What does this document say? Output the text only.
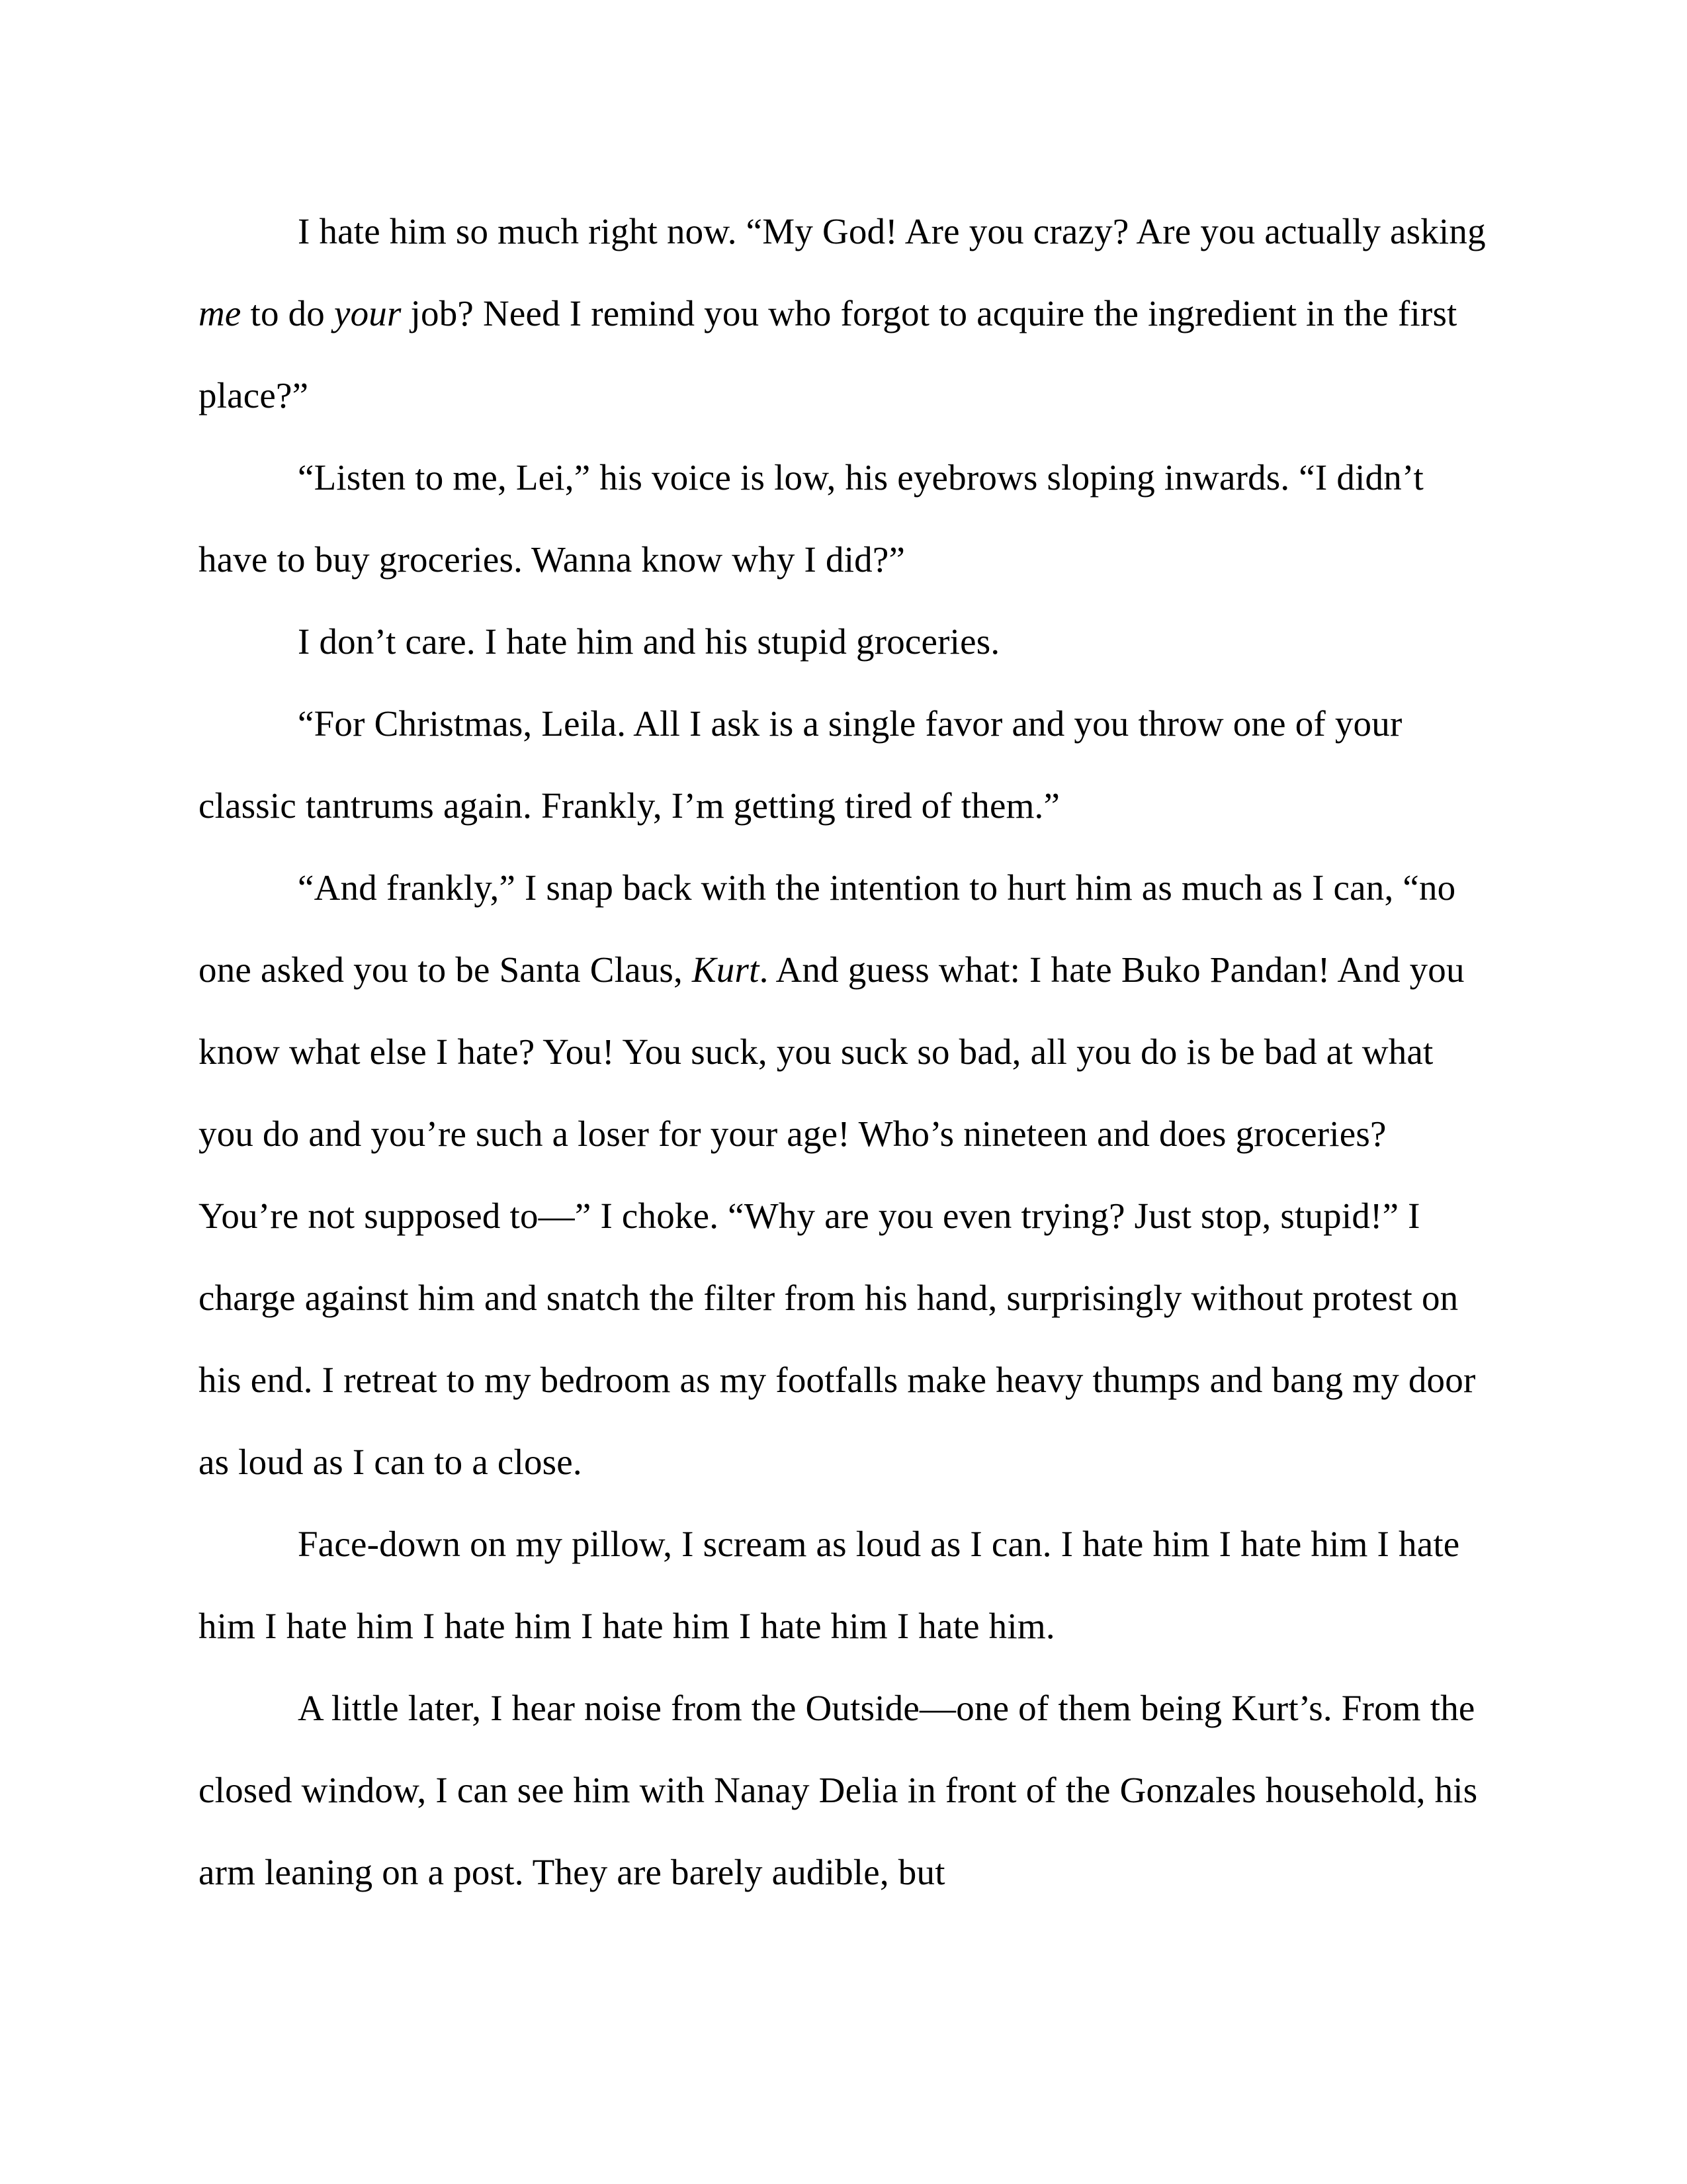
I hate him so much right now. “My God! Are you crazy? Are you actually asking me to do your job? Need I remind you who forgot to acquire the ingredient in the first place?”

“Listen to me, Lei,” his voice is low, his eyebrows sloping inwards. “I didn’t have to buy groceries. Wanna know why I did?”

I don’t care. I hate him and his stupid groceries.

“For Christmas, Leila. All I ask is a single favor and you throw one of your classic tantrums again. Frankly, I’m getting tired of them.”

“And frankly,” I snap back with the intention to hurt him as much as I can, “no one asked you to be Santa Claus, Kurt. And guess what: I hate Buko Pandan! And you know what else I hate? You! You suck, you suck so bad, all you do is be bad at what you do and you’re such a loser for your age! Who’s nineteen and does groceries? You’re not supposed to—” I choke. “Why are you even trying? Just stop, stupid!” I charge against him and snatch the filter from his hand, surprisingly without protest on his end. I retreat to my bedroom as my footfalls make heavy thumps and bang my door as loud as I can to a close.

Face-down on my pillow, I scream as loud as I can. I hate him I hate him I hate him I hate him I hate him I hate him I hate him I hate him.

A little later, I hear noise from the Outside—one of them being Kurt’s. From the closed window, I can see him with Nanay Delia in front of the Gonzales household, his arm leaning on a post. They are barely audible, but
